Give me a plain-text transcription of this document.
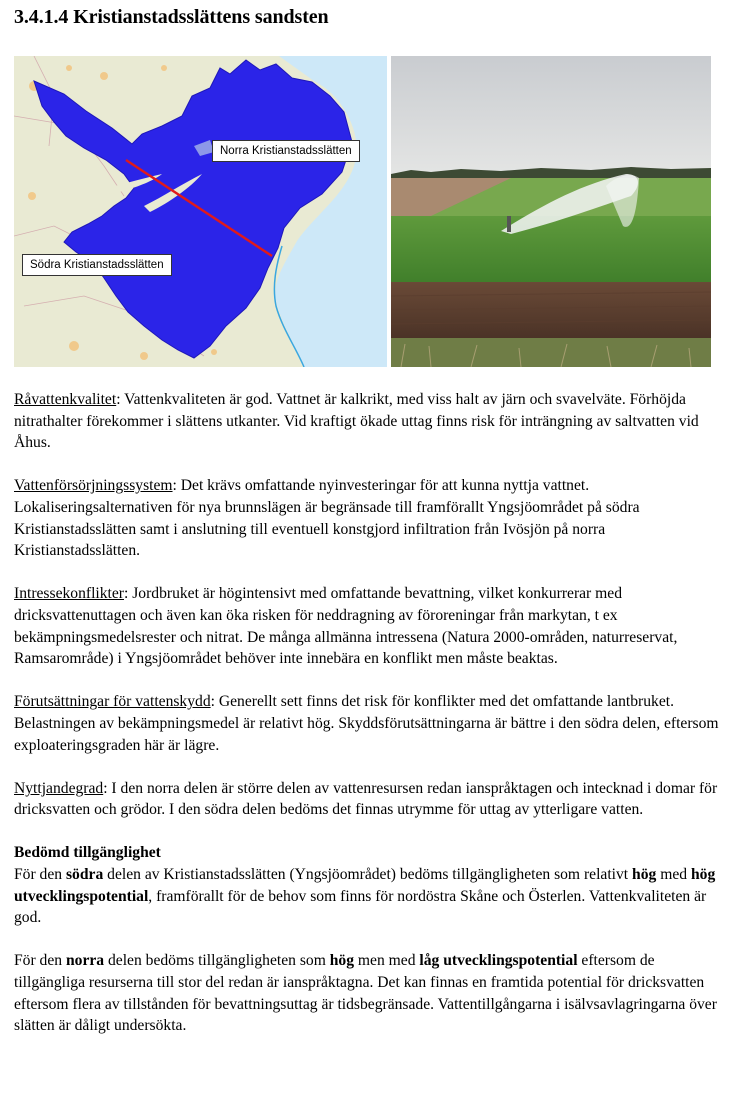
3.4.1.4 Kristianstadsslättens sandsten
Norra Kristianstadsslätten
Södra Kristianstadsslätten

Råvattenkvalitet: Vattenkvaliteten är god. Vattnet är kalkrikt, med viss halt av järn och svavelväte. Förhöjda nitrathalter förekommer i slättens utkanter. Vid kraftigt ökade uttag finns risk för inträngning av saltvatten vid Åhus.

Vattenförsörjningssystem: Det krävs omfattande nyinvesteringar för att kunna nyttja vattnet. Lokaliseringsalternativen för nya brunnslägen är begränsade till framförallt Yngsjöområdet på södra Kristianstadsslätten samt i anslutning till eventuell konstgjord infiltration från Ivösjön på norra Kristianstadsslätten.

Intressekonflikter: Jordbruket är högintensivt med omfattande bevattning, vilket konkurrerar med dricksvattenuttagen och även kan öka risken för neddragning av föroreningar från markytan, t ex bekämpningsmedelsrester och nitrat. De många allmänna intressena (Natura 2000-områden, naturreservat, Ramsarområde) i Yngsjöområdet behöver inte innebära en konflikt men måste beaktas.

Förutsättningar för vattenskydd: Generellt sett finns det risk för konflikter med det omfattande lantbruket. Belastningen av bekämpningsmedel är relativt hög. Skyddsförutsättningarna är bättre i den södra delen, eftersom exploateringsgraden här är lägre.

Nyttjandegrad: I den norra delen är större delen av vattenresursen redan ianspråktagen och intecknad i domar för dricksvatten och grödor. I den södra delen bedöms det finnas utrymme för uttag av ytterligare vatten.

Bedömd tillgänglighet

För den södra delen av Kristianstadsslätten (Yngsjöområdet) bedöms tillgängligheten som relativt hög med hög utvecklingspotential, framförallt för de behov som finns för nordöstra Skåne och Österlen. Vattenkvaliteten är god.

För den norra delen bedöms tillgängligheten som hög men med låg utvecklingspotential eftersom de tillgängliga resurserna till stor del redan är ianspråktagna. Det kan finnas en framtida potential för dricksvatten eftersom flera av tillstånden för bevattningsuttag är tidsbegränsade. Vattentillgångarna i isälvsavlagringarna över slätten är dåligt undersökta.
